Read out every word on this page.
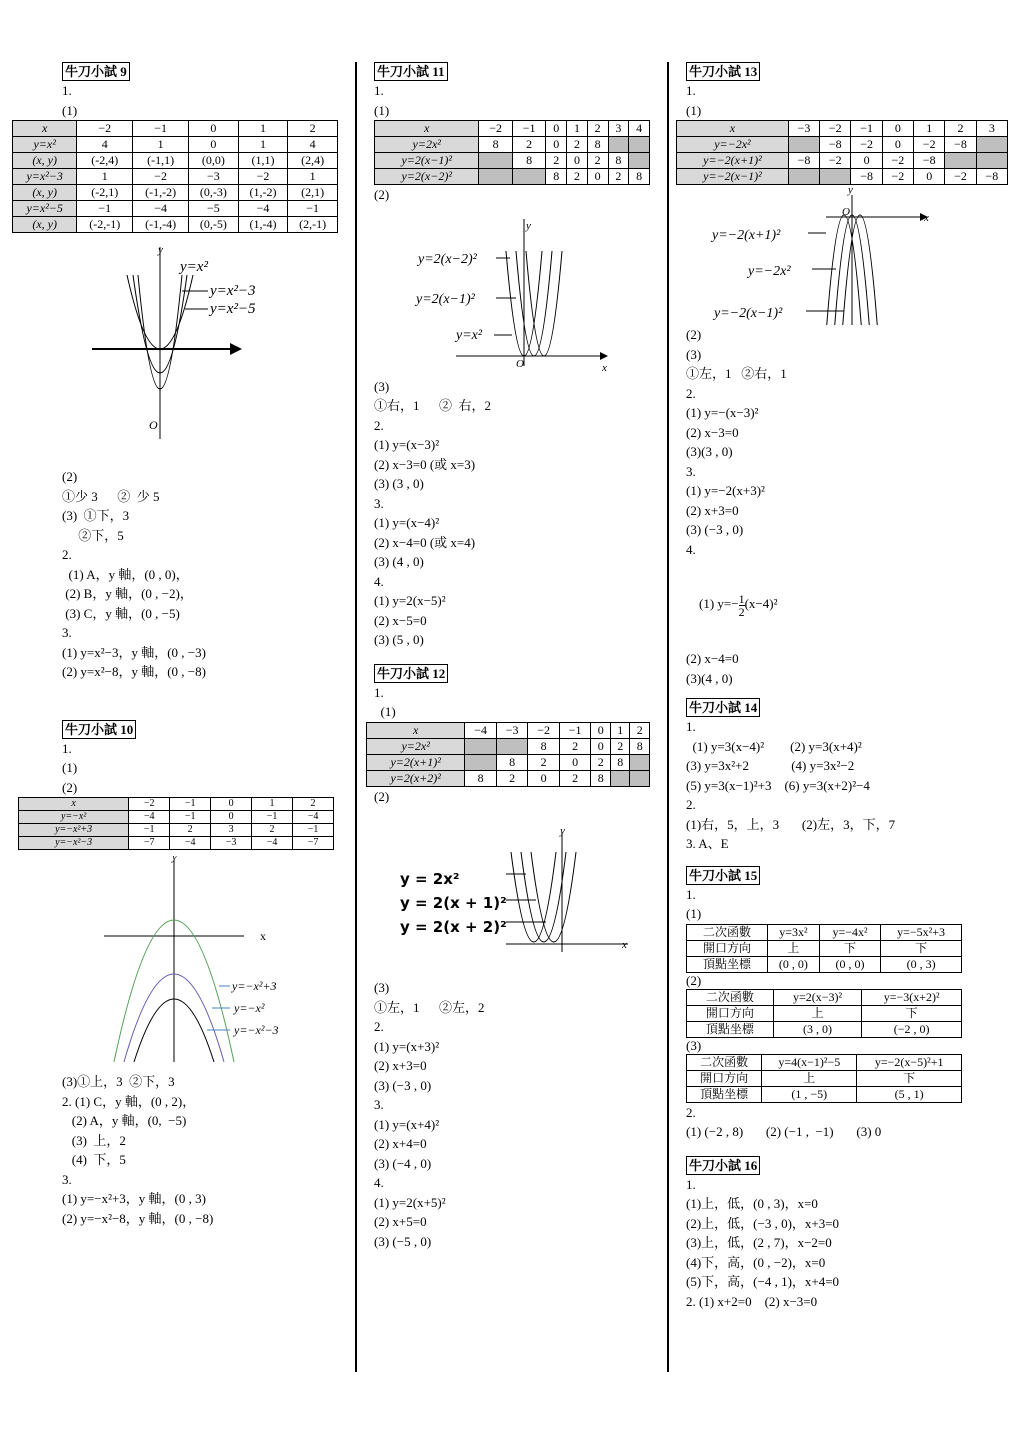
牛刀小試 9
1.
(1)
x	−2	−1	0	1	2
y=x²	4	1	0	1	4
(x, y)	(-2,4)	(-1,1)	(0,0)	(1,1)	(2,4)
y=x²−3	1	−2	−3	−2	1
(x, y)	(-2,1)	(-1,-2)	(0,-3)	(1,-2)	(2,1)
y=x²−5	−1	−4	−5	−4	−1
(x, y)	(-2,-1)	(-1,-4)	(0,-5)	(1,-4)	(2,-1)
y=x²
y=x²−3
y=x²−5
y
O
(2)
①少 3      ②  少 5
(3)  ①下，3
②下，5
2.
(1) A，y 軸，(0 , 0)，
(2) B，y 軸，(0 , −2)，
(3) C，y 軸，(0 , −5)
3.
(1) y=x²−3，y 軸，(0 , −3)
(2) y=x²−8，y 軸，(0 , −8)
牛刀小試 10
1.
(1)
(2)
x	−2	−1	0	1	2
y=−x²	−4	−1	0	−1	−4
y=−x²+3	−1	2	3	2	−1
y=−x²−3	−7	−4	−3	−4	−7
y
x
y=−x²+3
y=−x²
y=−x²−3
(3)①上，3  ②下，3
2. (1) C，y 軸，(0 , 2)，
(2) A，y 軸，(0,  −5)
(3)  上，2
(4)  下，5
3.
(1) y=−x²+3，y 軸，(0 , 3)
(2) y=−x²−8，y 軸，(0 , −8)
牛刀小試 11
1.
(1)
x	−2	−1	0	1	2	3	4
y=2x²	8	2	0	2	8		
y=2(x−1)²		8	2	0	2	8	
y=2(x−2)²			8	2	0	2	8
(2)
y=2(x−2)²
y=2(x−1)²
y=x²
y
x
O
(3)
①右，1      ②  右，2
2.
(1) y=(x−3)²
(2) x−3=0 (或 x=3)
(3) (3 , 0)
3.
(1) y=(x−4)²
(2) x−4=0 (或 x=4)
(3) (4 , 0)
4.
(1) y=2(x−5)²
(2) x−5=0
(3) (5 , 0)
牛刀小試 12
1.
(1)
x	−4	−3	−2	−1	0	1	2
y=2x²			8	2	0	2	8
y=2(x+1)²		8	2	0	2	8	
y=2(x+2)²	8	2	0	2	8		
(2)
x
y
y = 2x²
y = 2(x + 1)²
y = 2(x + 2)²
(3)
①左，1      ②左，2
2.
(1) y=(x+3)²
(2) x+3=0
(3) (−3 , 0)
3.
(1) y=(x+4)²
(2) x+4=0
(3) (−4 , 0)
4.
(1) y=2(x+5)²
(2) x+5=0
(3) (−5 , 0)
牛刀小試 13
1.
(1)
x	−3	−2	−1	0	1	2	3
y=−2x²		−8	−2	0	−2	−8	
y=−2(x+1)²	−8	−2	0	−2	−8		
y=−2(x−1)²			−8	−2	0	−2	−8
y=−2(x+1)²
y=−2x²
y=−2(x−1)²
y
x
O
(2)
(3)
①左，1   ②右，1
2.
(1) y=−(x−3)²
(2) x−3=0
(3)(3 , 0)
3.
(1) y=−2(x+3)²
(2) x+3=0
(3) (−3 , 0)
4.

(1) $y=- \frac{1}{2} (x-4)^2$

(2) x−4=0
(3)(4 , 0)
牛刀小試 14
1.
(1) y=3(x−4)²        (2) y=3(x+4)²
(3) y=3x²+2             (4) y=3x²−2
(5) y=3(x−1)²+3    (6) y=3(x+2)²−4
2.
(1)右，5，上，3       (2)左，3，下，7
3. A、E
牛刀小試 15
1.
(1)
二次函數	y=3x²	y=−4x²	y=−5x²+3
開口方向	上	下	下
頂點坐標	(0 , 0)	(0 , 0)	(0 , 3)
(2)
二次函數	y=2(x−3)²	y=−3(x+2)²
開口方向	上	下
頂點坐標	(3 , 0)	(−2 , 0)
(3)
二次函數	y=4(x−1)²−5	y=−2(x−5)²+1
開口方向	上	下
頂點坐標	(1 , −5)	(5 , 1)
2.
(1) (−2 , 8)       (2) (−1 ,  −1)       (3) 0
牛刀小試 16
1.
(1)上，低，(0 , 3)，x=0
(2)上，低，(−3 , 0)，x+3=0
(3)上，低，(2 , 7)，x−2=0
(4)下，高，(0 , −2)，x=0
(5)下，高，(−4 , 1)，x+4=0
2. (1) x+2=0    (2) x−3=0
